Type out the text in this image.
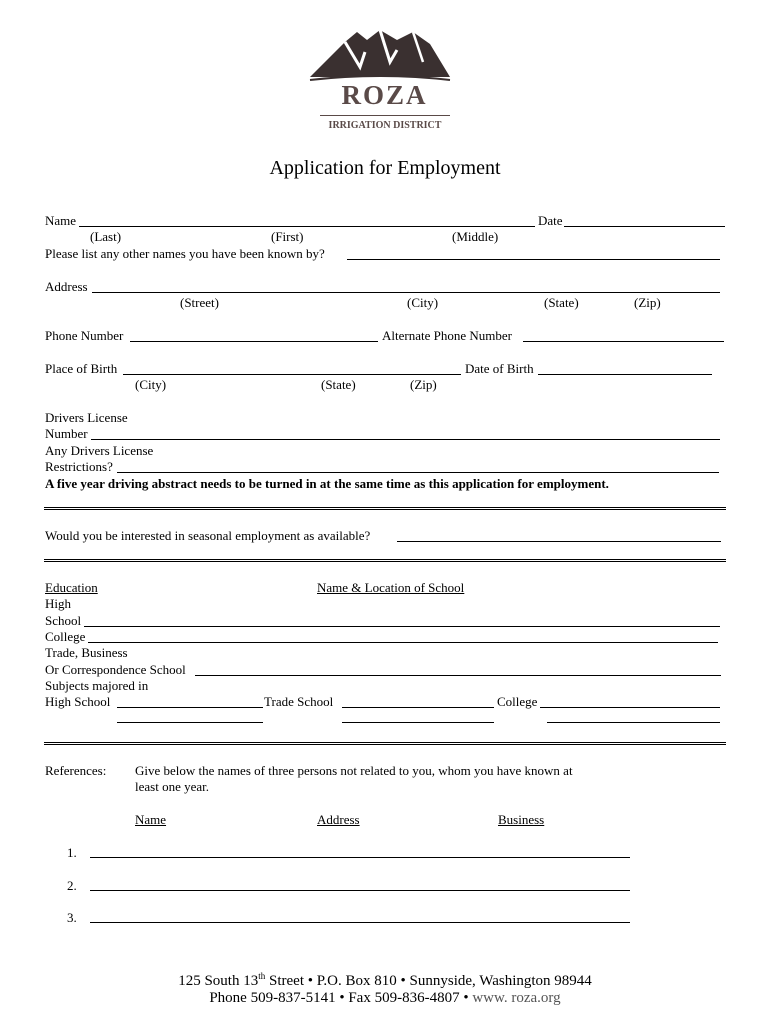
ROZA
IRRIGATION DISTRICT
Application for Employment
Name	Date
(Last)	(First)	(Middle)
Please list any other names you have been known by?
Address
(Street)	(City)	(State)	(Zip)
Phone Number	Alternate Phone Number
Place of Birth	Date of Birth
(City)	(State)	(Zip)
Drivers License
Number
Any Drivers License
Restrictions?
A five year driving abstract needs to be turned in at the same time as this application for employment.
Would you be interested in seasonal employment as available?
Education	Name & Location of School
High
School
College
Trade, Business
Or Correspondence School
Subjects majored in
High School	Trade School	College
References: Give below the names of three persons not related to you, whom you have known at
least one year.
Name	Address	Business
1.
2.
3.
125 South 13th Street • P.O. Box 810 • Sunnyside, Washington 98944
Phone 509-837-5141 • Fax 509-836-4807 • www. roza.org
